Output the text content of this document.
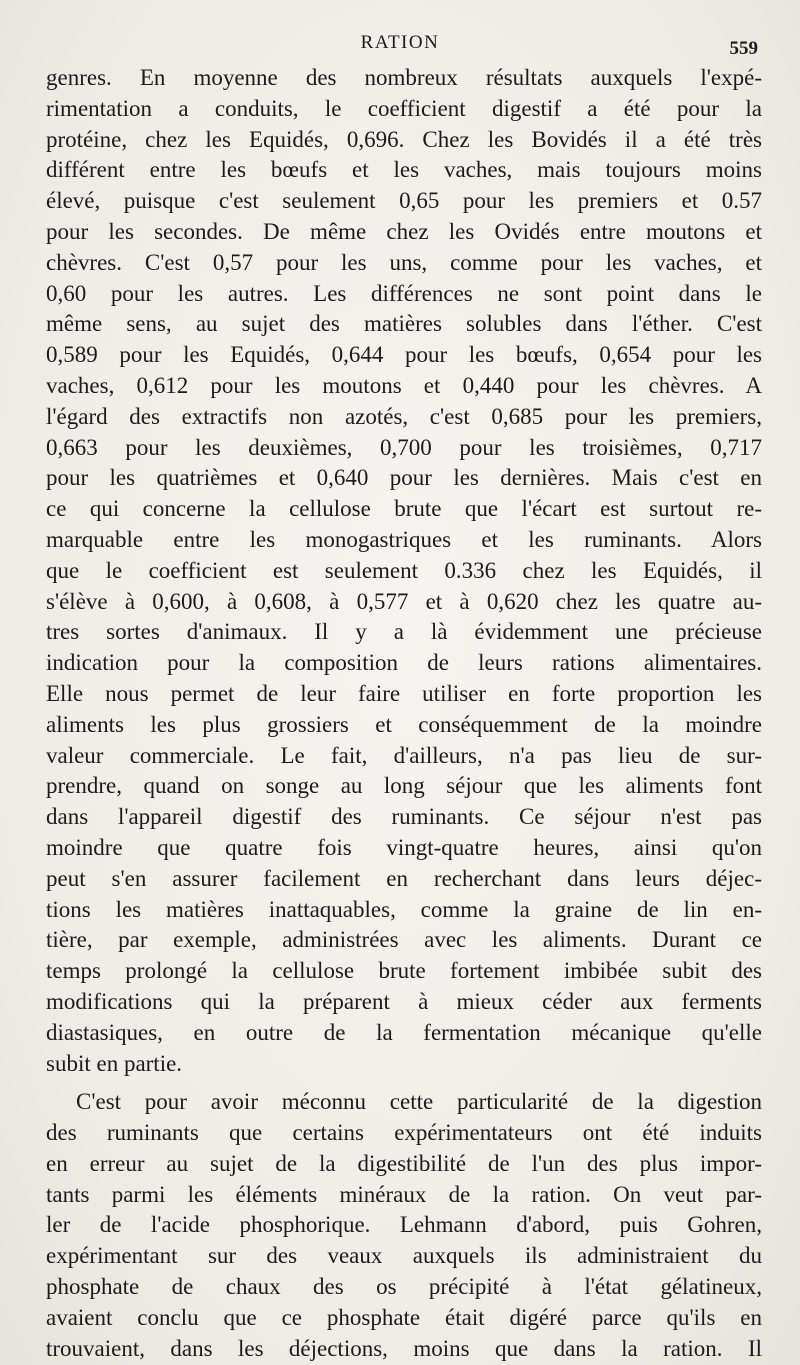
RATION	559
genres. En moyenne des nombreux résultats auxquels l'expé-
rimentation a conduits, le coefficient digestif a été pour la
protéine, chez les Equidés, 0,696. Chez les Bovidés il a été très
différent entre les bœufs et les vaches, mais toujours moins
élevé, puisque c'est seulement 0,65 pour les premiers et 0.57
pour les secondes. De même chez les Ovidés entre moutons et
chèvres. C'est 0,57 pour les uns, comme pour les vaches, et
0,60 pour les autres. Les différences ne sont point dans le
même sens, au sujet des matières solubles dans l'éther. C'est
0,589 pour les Equidés, 0,644 pour les bœufs, 0,654 pour les
vaches, 0,612 pour les moutons et 0,440 pour les chèvres. A
l'égard des extractifs non azotés, c'est 0,685 pour les premiers,
0,663 pour les deuxièmes, 0,700 pour les troisièmes, 0,717
pour les quatrièmes et 0,640 pour les dernières. Mais c'est en
ce qui concerne la cellulose brute que l'écart est surtout re-
marquable entre les monogastriques et les ruminants. Alors
que le coefficient est seulement 0.336 chez les Equidés, il
s'élève à 0,600, à 0,608, à 0,577 et à 0,620 chez les quatre au-
tres sortes d'animaux. Il y a là évidemment une précieuse
indication pour la composition de leurs rations alimentaires.
Elle nous permet de leur faire utiliser en forte proportion les
aliments les plus grossiers et conséquemment de la moindre
valeur commerciale. Le fait, d'ailleurs, n'a pas lieu de sur-
prendre, quand on songe au long séjour que les aliments font
dans l'appareil digestif des ruminants. Ce séjour n'est pas
moindre que quatre fois vingt-quatre heures, ainsi qu'on
peut s'en assurer facilement en recherchant dans leurs déjec-
tions les matières inattaquables, comme la graine de lin en-
tière, par exemple, administrées avec les aliments. Durant ce
temps prolongé la cellulose brute fortement imbibée subit des
modifications qui la préparent à mieux céder aux ferments
diastasiques, en outre de la fermentation mécanique qu'elle
subit en partie.
C'est pour avoir méconnu cette particularité de la digestion
des ruminants que certains expérimentateurs ont été induits
en erreur au sujet de la digestibilité de l'un des plus impor-
tants parmi les éléments minéraux de la ration. On veut par-
ler de l'acide phosphorique. Lehmann d'abord, puis Gohren,
expérimentant sur des veaux auxquels ils administraient du
phosphate de chaux des os précipité à l'état gélatineux,
avaient conclu que ce phosphate était digéré parce qu'ils en
trouvaient, dans les déjections, moins que dans la ration. Il
